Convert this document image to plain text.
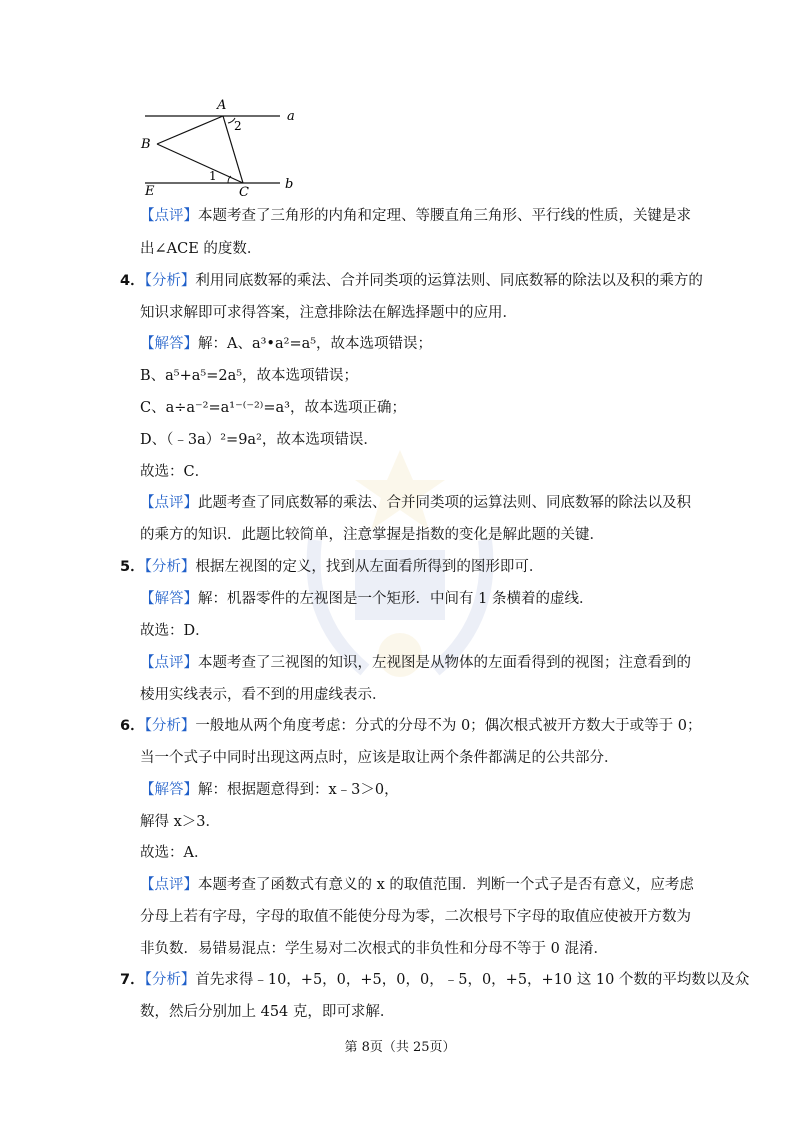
A
2
a
B
1
E	C
b
【点评】本题考查了三角形的内角和定理、等腰直角三角形、平行线的性质，关键是求
出∠ACE 的度数．
4．【分析】利用同底数幂的乘法、合并同类项的运算法则、同底数幂的除法以及积的乘方的
知识求解即可求得答案，注意排除法在解选择题中的应用．
【解答】解：A、a³•a²=a⁵，故本选项错误；
B、a⁵+a⁵=2a⁵，故本选项错误；
C、a÷a⁻²=a¹⁻⁽⁻²⁾=a³，故本选项正确；
D、（﹣3a）²=9a²，故本选项错误．
故选：C．
【点评】此题考查了同底数幂的乘法、合并同类项的运算法则、同底数幂的除法以及积
的乘方的知识．此题比较简单，注意掌握是指数的变化是解此题的关键．
5．【分析】根据左视图的定义，找到从左面看所得到的图形即可．
【解答】解：机器零件的左视图是一个矩形．中间有 1 条横着的虚线．
故选：D．
【点评】本题考查了三视图的知识，左视图是从物体的左面看得到的视图；注意看到的
棱用实线表示，看不到的用虚线表示．
6．【分析】一般地从两个角度考虑：分式的分母不为 0；偶次根式被开方数大于或等于 0；
当一个式子中同时出现这两点时，应该是取让两个条件都满足的公共部分．
【解答】解：根据题意得到：x﹣3＞0，
解得 x＞3．
故选：A．
【点评】本题考查了函数式有意义的 x 的取值范围．判断一个式子是否有意义，应考虑
分母上若有字母，字母的取值不能使分母为零，二次根号下字母的取值应使被开方数为
非负数．易错易混点：学生易对二次根式的非负性和分母不等于 0 混淆．
7．【分析】首先求得﹣10，+5，0，+5，0，0，﹣5，0，+5，+10 这 10 个数的平均数以及众
数，然后分别加上 454 克，即可求解．
第 8页（共 25页）
